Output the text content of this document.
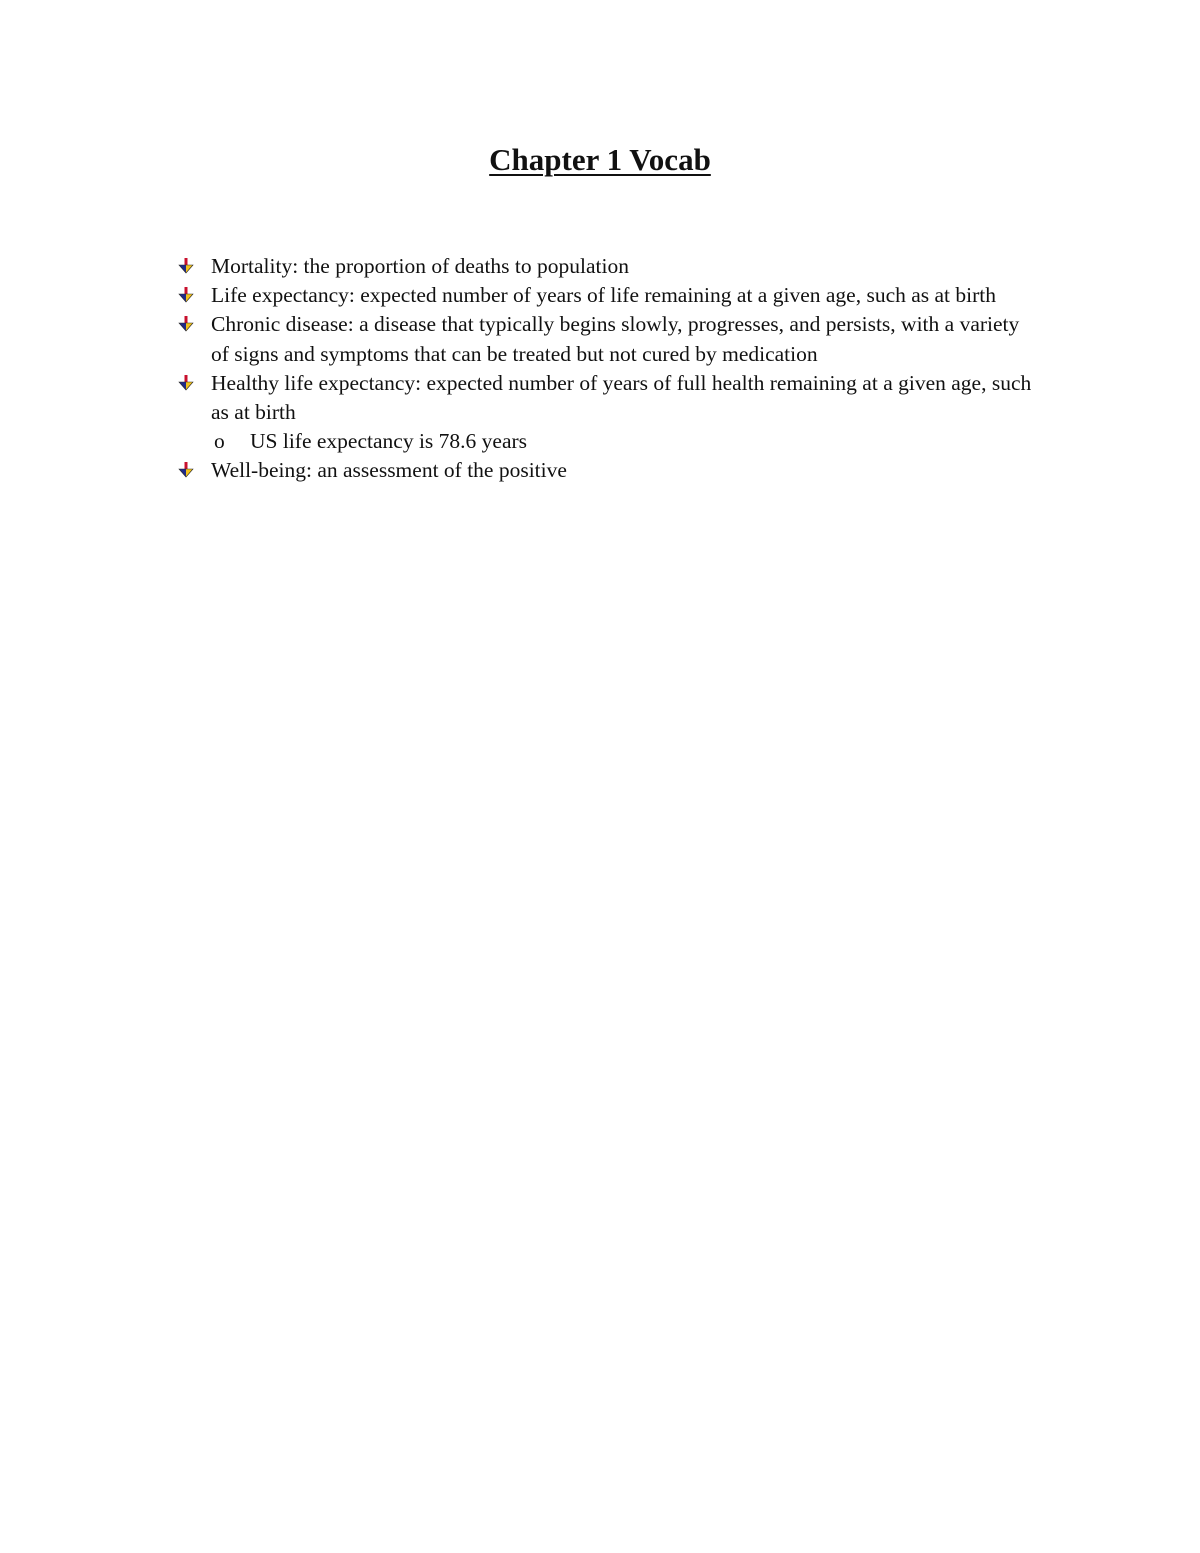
Chapter 1 Vocab
Mortality: the proportion of deaths to population
Life expectancy: expected number of years of life remaining at a given age, such as at birth
Chronic disease: a disease that typically begins slowly, progresses, and persists, with a variety of signs and symptoms that can be treated but not cured by medication
Healthy life expectancy: expected number of years of full health remaining at a given age, such as at birth
o US life expectancy is 78.6 years
Well-being: an assessment of the positive
